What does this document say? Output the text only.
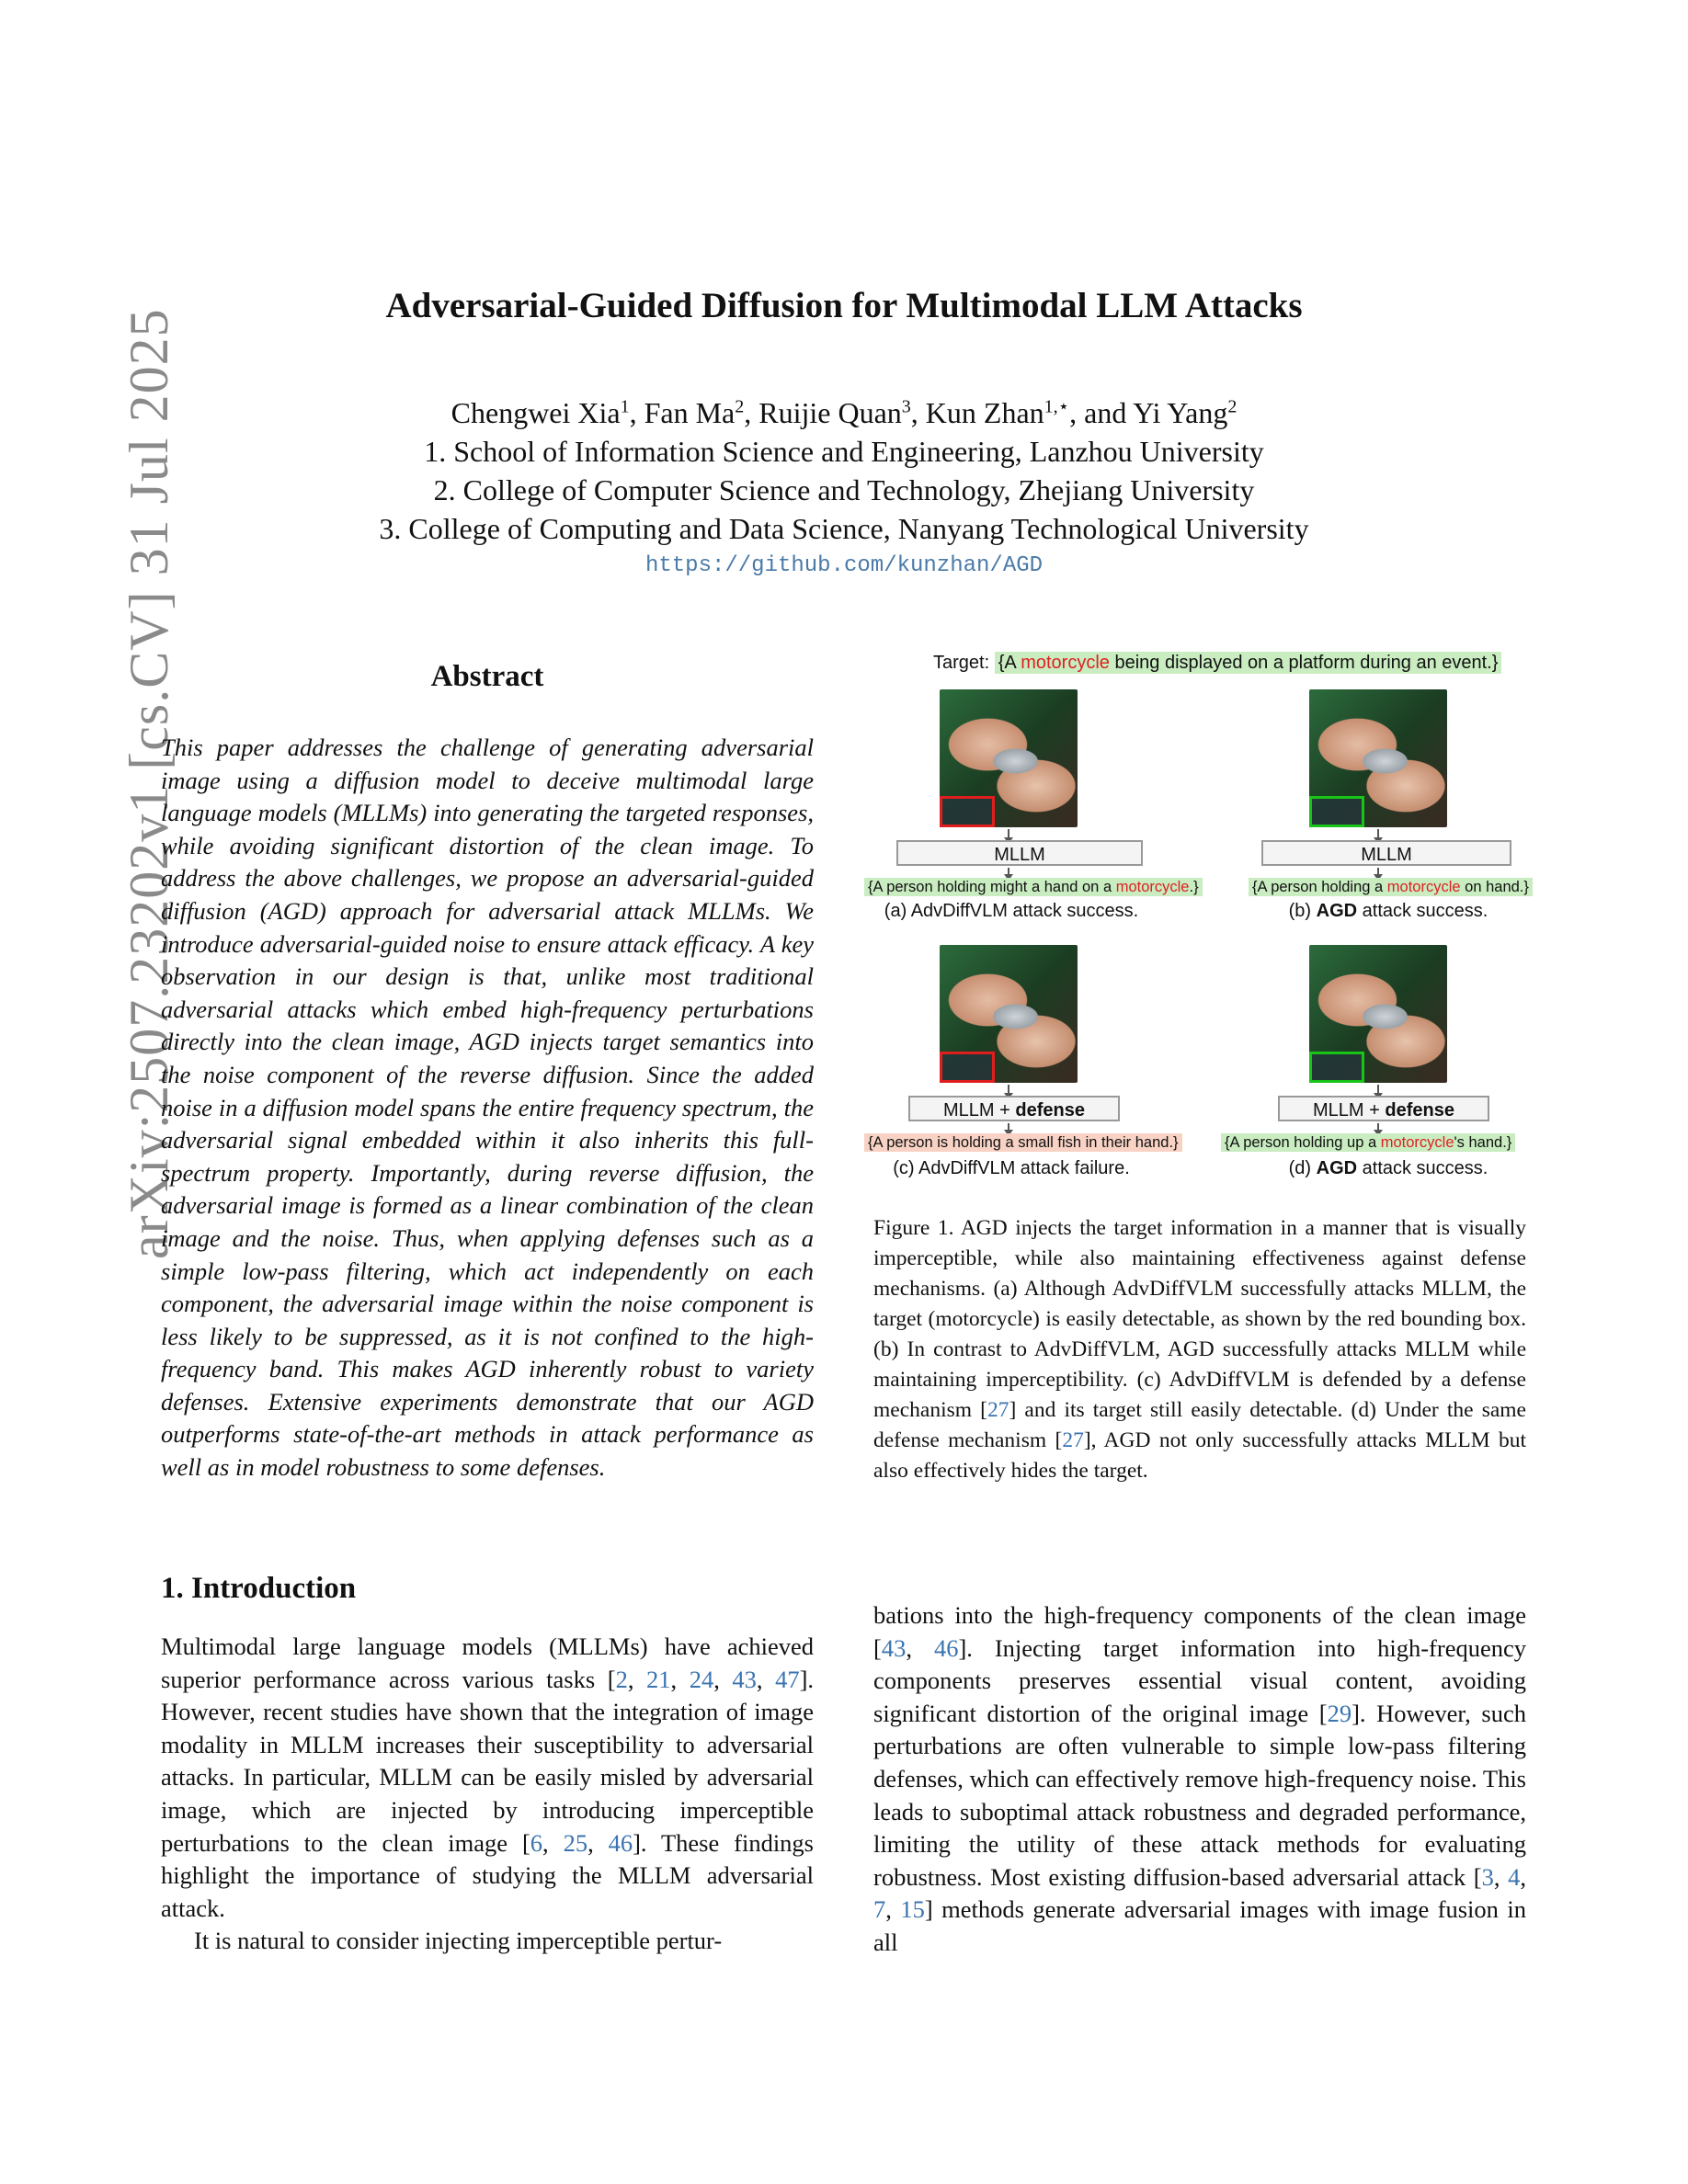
arXiv:2507.23202v1 [cs.CV] 31 Jul 2025
Adversarial-Guided Diffusion for Multimodal LLM Attacks
Chengwei Xia$^1$, Fan Ma$^2$, Ruijie Quan$^3$, Kun Zhan$^{1,⋆}$, and Yi Yang$^2$
1. School of Information Science and Engineering, Lanzhou University
2. College of Computer Science and Technology, Zhejiang University
3. College of Computing and Data Science, Nanyang Technological University
https://github.com/kunzhan/AGD
Abstract

This paper addresses the challenge of generating adversarial image using a diffusion model to deceive multimodal large language models (MLLMs) into generating the targeted responses, while avoiding significant distortion of the clean image. To address the above challenges, we propose an adversarial-guided diffusion (AGD) approach for adversarial attack MLLMs. We introduce adversarial-guided noise to ensure attack efficacy. A key observation in our design is that, unlike most traditional adversarial attacks which embed high-frequency perturbations directly into the clean image, AGD injects target semantics into the noise component of the reverse diffusion. Since the added noise in a diffusion model spans the entire frequency spectrum, the adversarial signal embedded within it also inherits this full-spectrum property. Importantly, during reverse diffusion, the adversarial image is formed as a linear combination of the clean image and the noise. Thus, when applying defenses such as a simple low-pass filtering, which act independently on each component, the adversarial image within the noise component is less likely to be suppressed, as it is not confined to the high-frequency band. This makes AGD inherently robust to variety defenses. Extensive experiments demonstrate that our AGD outperforms state-of-the-art methods in attack performance as well as in model robustness to some defenses.

Target: {A motorcycle being displayed on a platform during an event.}
MLLM
{A person holding might a hand on a motorcycle.}
(a) AdvDiffVLM attack success.
MLLM
{A person holding a motorcycle on hand.}
(b) AGD attack success.
MLLM + defense
{A person is holding a small fish in their hand.}
(c) AdvDiffVLM attack failure.
MLLM + defense
{A person holding up a motorcycle's hand.}
(d) AGD attack success.

Figure 1. AGD injects the target information in a manner that is visually imperceptible, while also maintaining effectiveness against defense mechanisms. (a) Although AdvDiffVLM successfully attacks MLLM, the target (motorcycle) is easily detectable, as shown by the red bounding box. (b) In contrast to AdvDiffVLM, AGD successfully attacks MLLM while maintaining imperceptibility. (c) AdvDiffVLM is defended by a defense mechanism [27] and its target still easily detectable. (d) Under the same defense mechanism [27], AGD not only successfully attacks MLLM but also effectively hides the target.

1. Introduction

Multimodal large language models (MLLMs) have achieved superior performance across various tasks [2, 21, 24, 43, 47]. However, recent studies have shown that the integration of image modality in MLLM increases their susceptibility to adversarial attacks. In particular, MLLM can be easily misled by adversarial image, which are injected by introducing imperceptible perturbations to the clean image [6, 25, 46]. These findings highlight the importance of studying the MLLM adversarial attack.

It is natural to consider injecting imperceptible pertur-

bations into the high-frequency components of the clean image [43, 46]. Injecting target information into high-frequency components preserves essential visual content, avoiding significant distortion of the original image [29]. However, such perturbations are often vulnerable to simple low-pass filtering defenses, which can effectively remove high-frequency noise. This leads to suboptimal attack robustness and degraded performance, limiting the utility of these attack methods for evaluating robustness. Most existing diffusion-based adversarial attack [3, 4, 7, 15] methods generate adversarial images with image fusion in all
